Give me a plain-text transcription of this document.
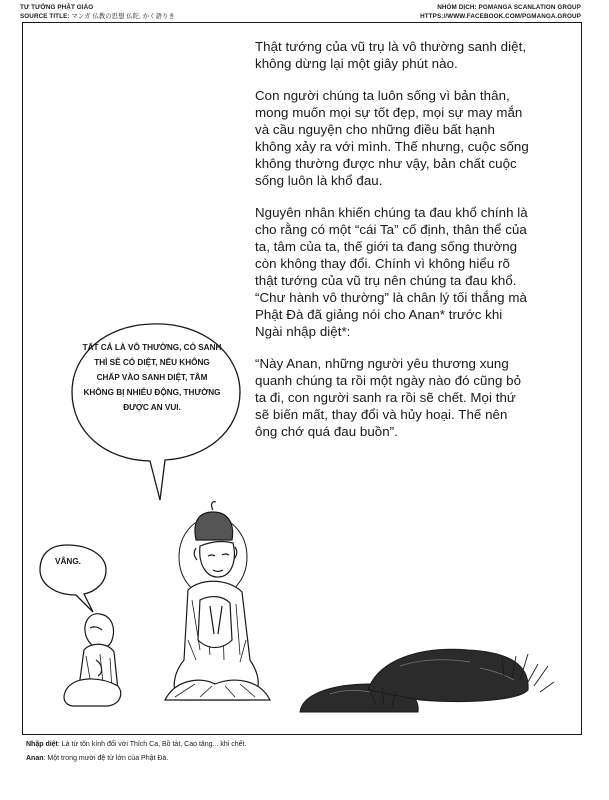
TƯ TƯỞNG PHẬT GIÁO
SOURCE TITLE: マンガ 仏教の思想 仏陀, かく語りき
NHÓM DỊCH: PGMANGA SCANLATION GROUP
HTTPS://WWW.FACEBOOK.COM/PGMANGA.GROUP
TẤT CẢ LÀ VÔ THƯỜNG, CÓ SANH THÌ SẼ CÓ DIỆT, NẾU KHÔNG CHẤP VÀO SANH DIỆT, TÂM KHÔNG BỊ NHIỄU ĐỘNG, THƯỜNG ĐƯỢC AN VUI.
VÂNG.

Thật tướng của vũ trụ là vô thường sanh diệt, không dừng lại một giây phút nào.

Con người chúng ta luôn sống vì bản thân, mong muốn mọi sự tốt đẹp, mọi sự may mắn và cầu nguyện cho những điều bất hạnh không xảy ra với mình. Thế nhưng, cuộc sống không thường được như vậy, bản chất cuộc sống luôn là khổ đau.

Nguyên nhân khiến chúng ta đau khổ chính là cho rằng có một “cái Ta” cố định, thân thể của ta, tâm của ta, thế giới ta đang sống thường còn không thay đổi. Chính vì không hiểu rõ thật tướng của vũ trụ nên chúng ta đau khổ. “Chư hành vô thường” là chân lý tối thắng mà Phật Đà đã giảng nói cho Anan* trước khi Ngài nhập diệt*:

“Này Anan, những người yêu thương xung quanh chúng ta rồi một ngày nào đó cũng bỏ ta đi, con người sanh ra rồi sẽ chết. Mọi thứ sẽ biến mất, thay đổi và hủy hoại. Thế nên ông chớ quá đau buồn”.

Nhập diệt: Là từ tôn kính đối với Thích Ca, Bồ tát, Cao tăng... khi chết.
Anan: Một trong mười đệ tử lớn của Phật Đà.
